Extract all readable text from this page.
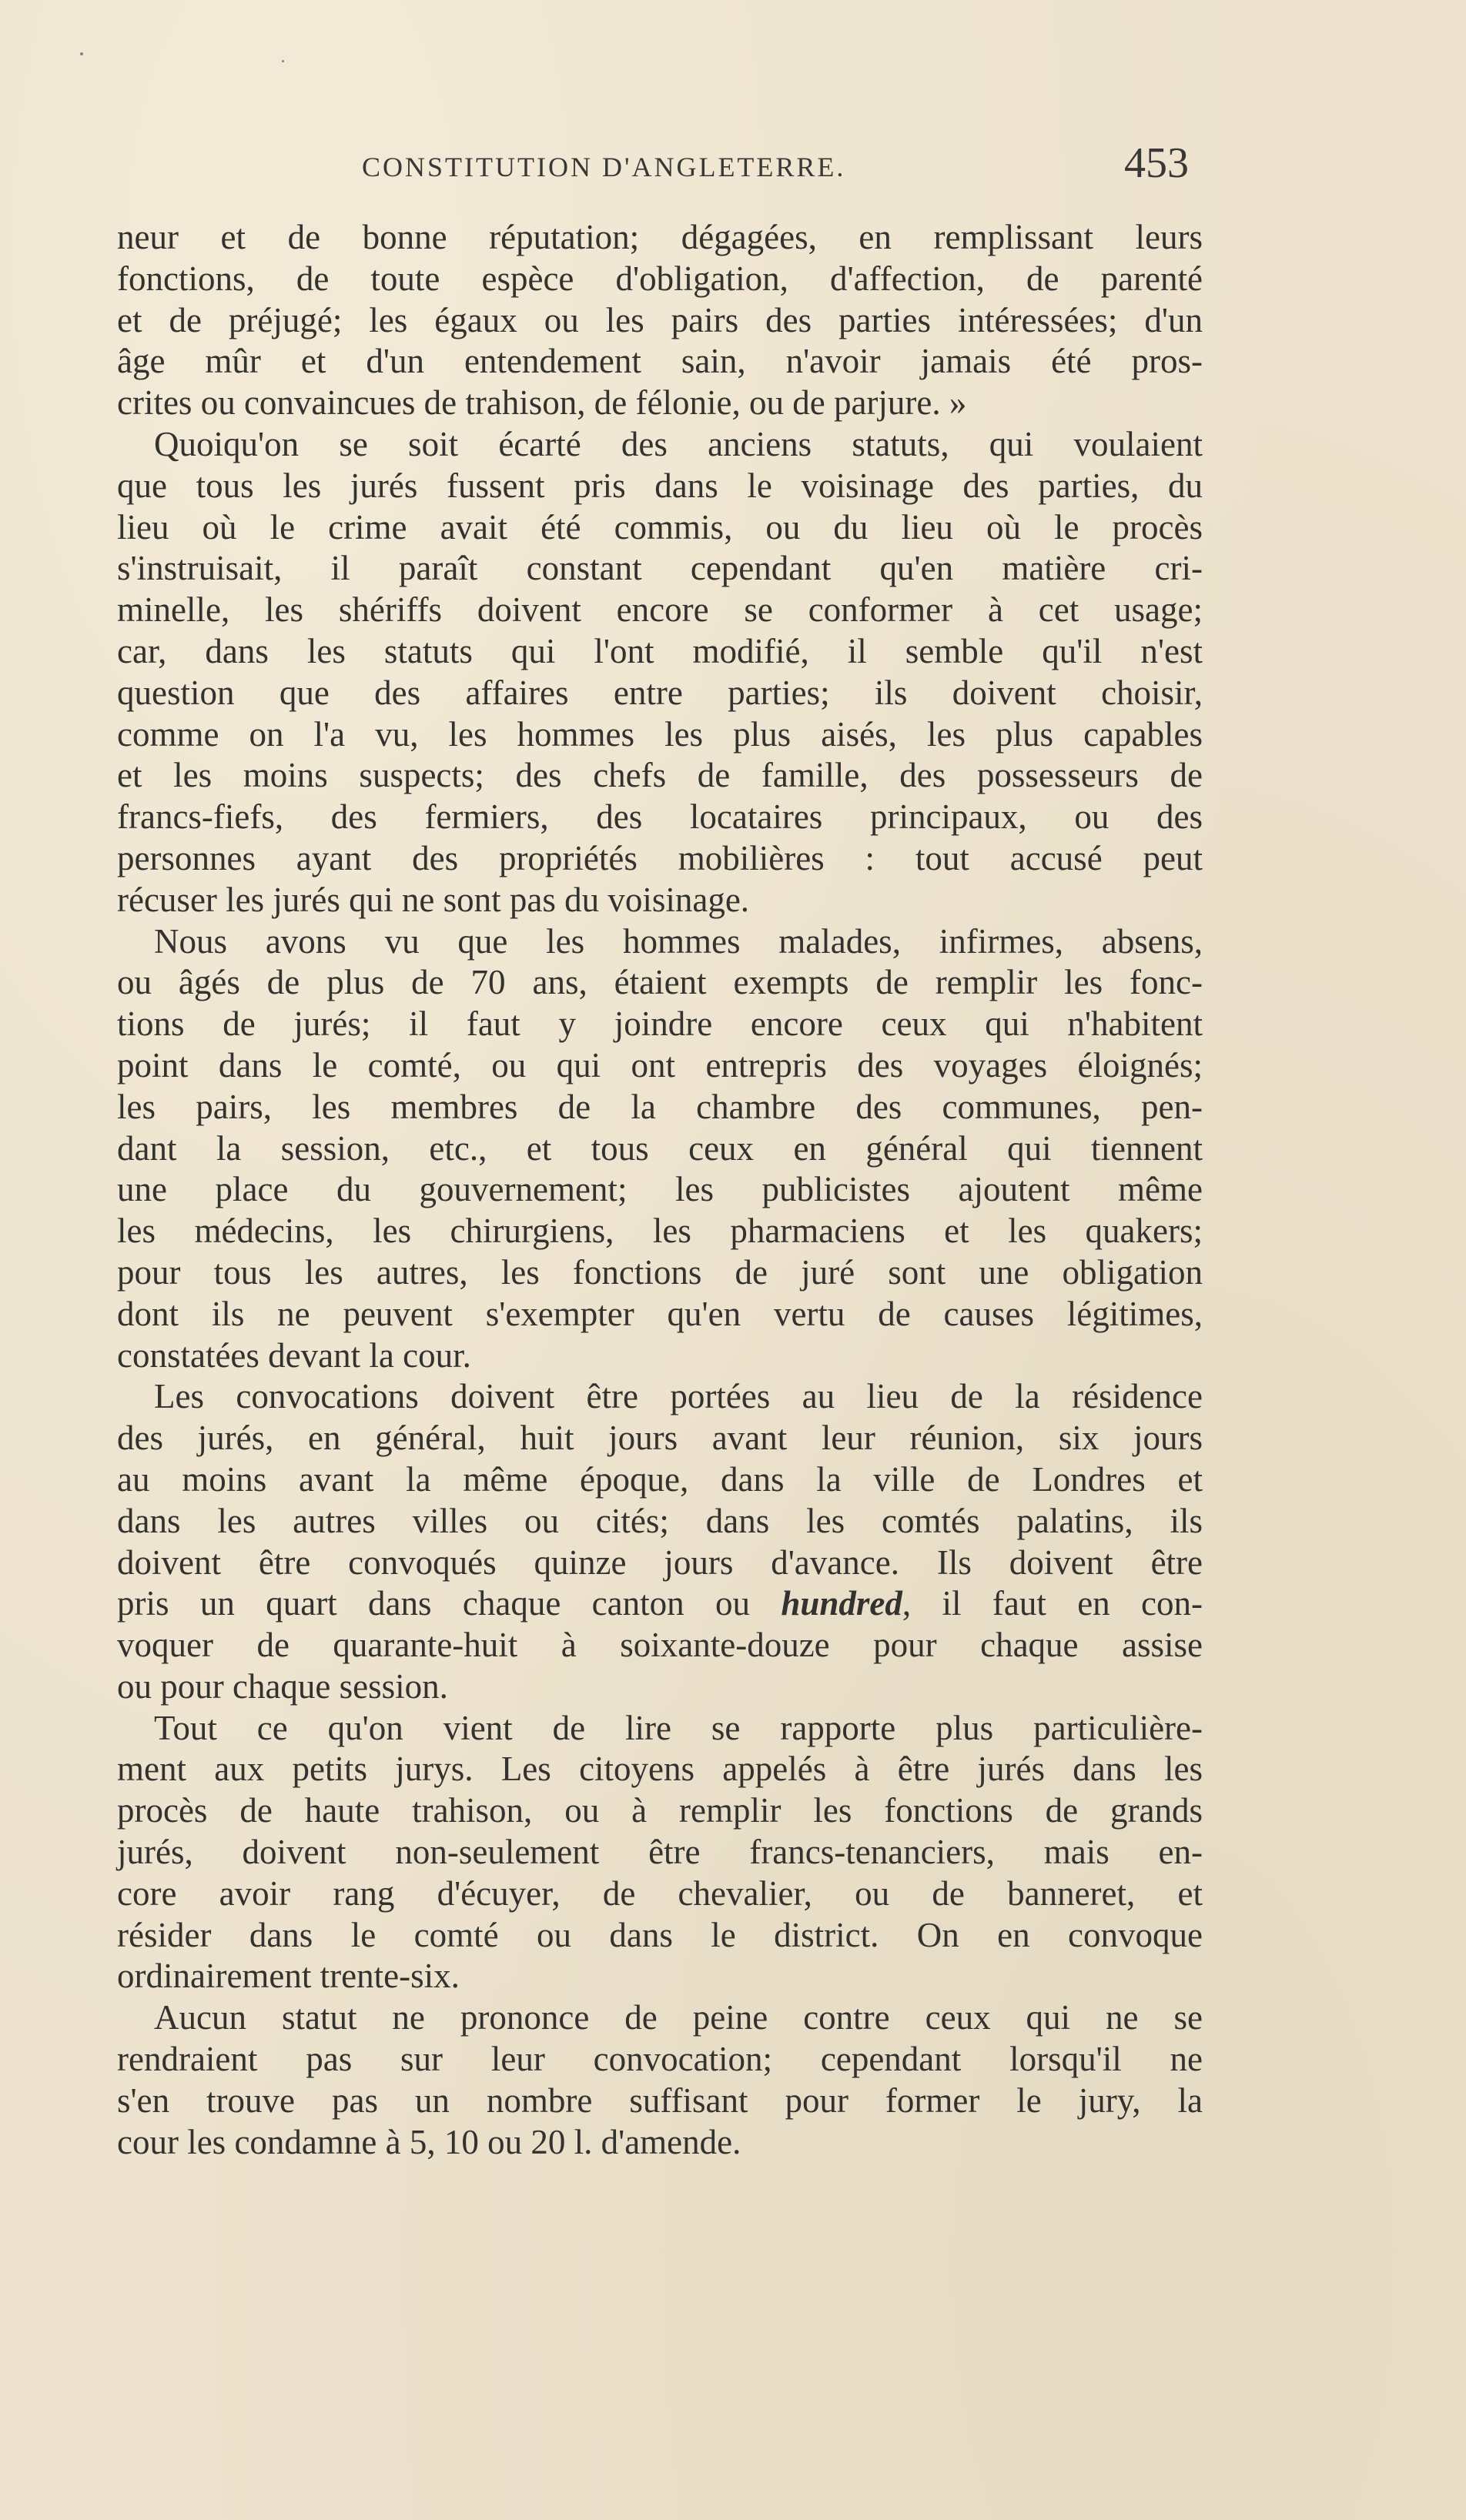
CONSTITUTION D'ANGLETERRE.	453
neur et de bonne réputation; dégagées, en remplissant leurs
fonctions, de toute espèce d'obligation, d'affection, de parenté
et de préjugé; les égaux ou les pairs des parties intéressées; d'un
âge mûr et d'un entendement sain, n'avoir jamais été pros-
crites ou convaincues de trahison, de félonie, ou de parjure. »
Quoiqu'on se soit écarté des anciens statuts, qui voulaient
que tous les jurés fussent pris dans le voisinage des parties, du
lieu où le crime avait été commis, ou du lieu où le procès
s'instruisait, il paraît constant cependant qu'en matière cri-
minelle, les shériffs doivent encore se conformer à cet usage;
car, dans les statuts qui l'ont modifié, il semble qu'il n'est
question que des affaires entre parties; ils doivent choisir,
comme on l'a vu, les hommes les plus aisés, les plus capables
et les moins suspects; des chefs de famille, des possesseurs de
francs-fiefs, des fermiers, des locataires principaux, ou des
personnes ayant des propriétés mobilières : tout accusé peut
récuser les jurés qui ne sont pas du voisinage.
Nous avons vu que les hommes malades, infirmes, absens,
ou âgés de plus de 70 ans, étaient exempts de remplir les fonc-
tions de jurés; il faut y joindre encore ceux qui n'habitent
point dans le comté, ou qui ont entrepris des voyages éloignés;
les pairs, les membres de la chambre des communes, pen-
dant la session, etc., et tous ceux en général qui tiennent
une place du gouvernement; les publicistes ajoutent même
les médecins, les chirurgiens, les pharmaciens et les quakers;
pour tous les autres, les fonctions de juré sont une obligation
dont ils ne peuvent s'exempter qu'en vertu de causes légitimes,
constatées devant la cour.
Les convocations doivent être portées au lieu de la résidence
des jurés, en général, huit jours avant leur réunion, six jours
au moins avant la même époque, dans la ville de Londres et
dans les autres villes ou cités; dans les comtés palatins, ils
doivent être convoqués quinze jours d'avance. Ils doivent être
pris un quart dans chaque canton ou hundred, il faut en con-
voquer de quarante-huit à soixante-douze pour chaque assise
ou pour chaque session.
Tout ce qu'on vient de lire se rapporte plus particulière-
ment aux petits jurys. Les citoyens appelés à être jurés dans les
procès de haute trahison, ou à remplir les fonctions de grands
jurés, doivent non-seulement être francs-tenanciers, mais en-
core avoir rang d'écuyer, de chevalier, ou de banneret, et
résider dans le comté ou dans le district. On en convoque
ordinairement trente-six.
Aucun statut ne prononce de peine contre ceux qui ne se
rendraient pas sur leur convocation; cependant lorsqu'il ne
s'en trouve pas un nombre suffisant pour former le jury, la
cour les condamne à 5, 10 ou 20 l. d'amende.
